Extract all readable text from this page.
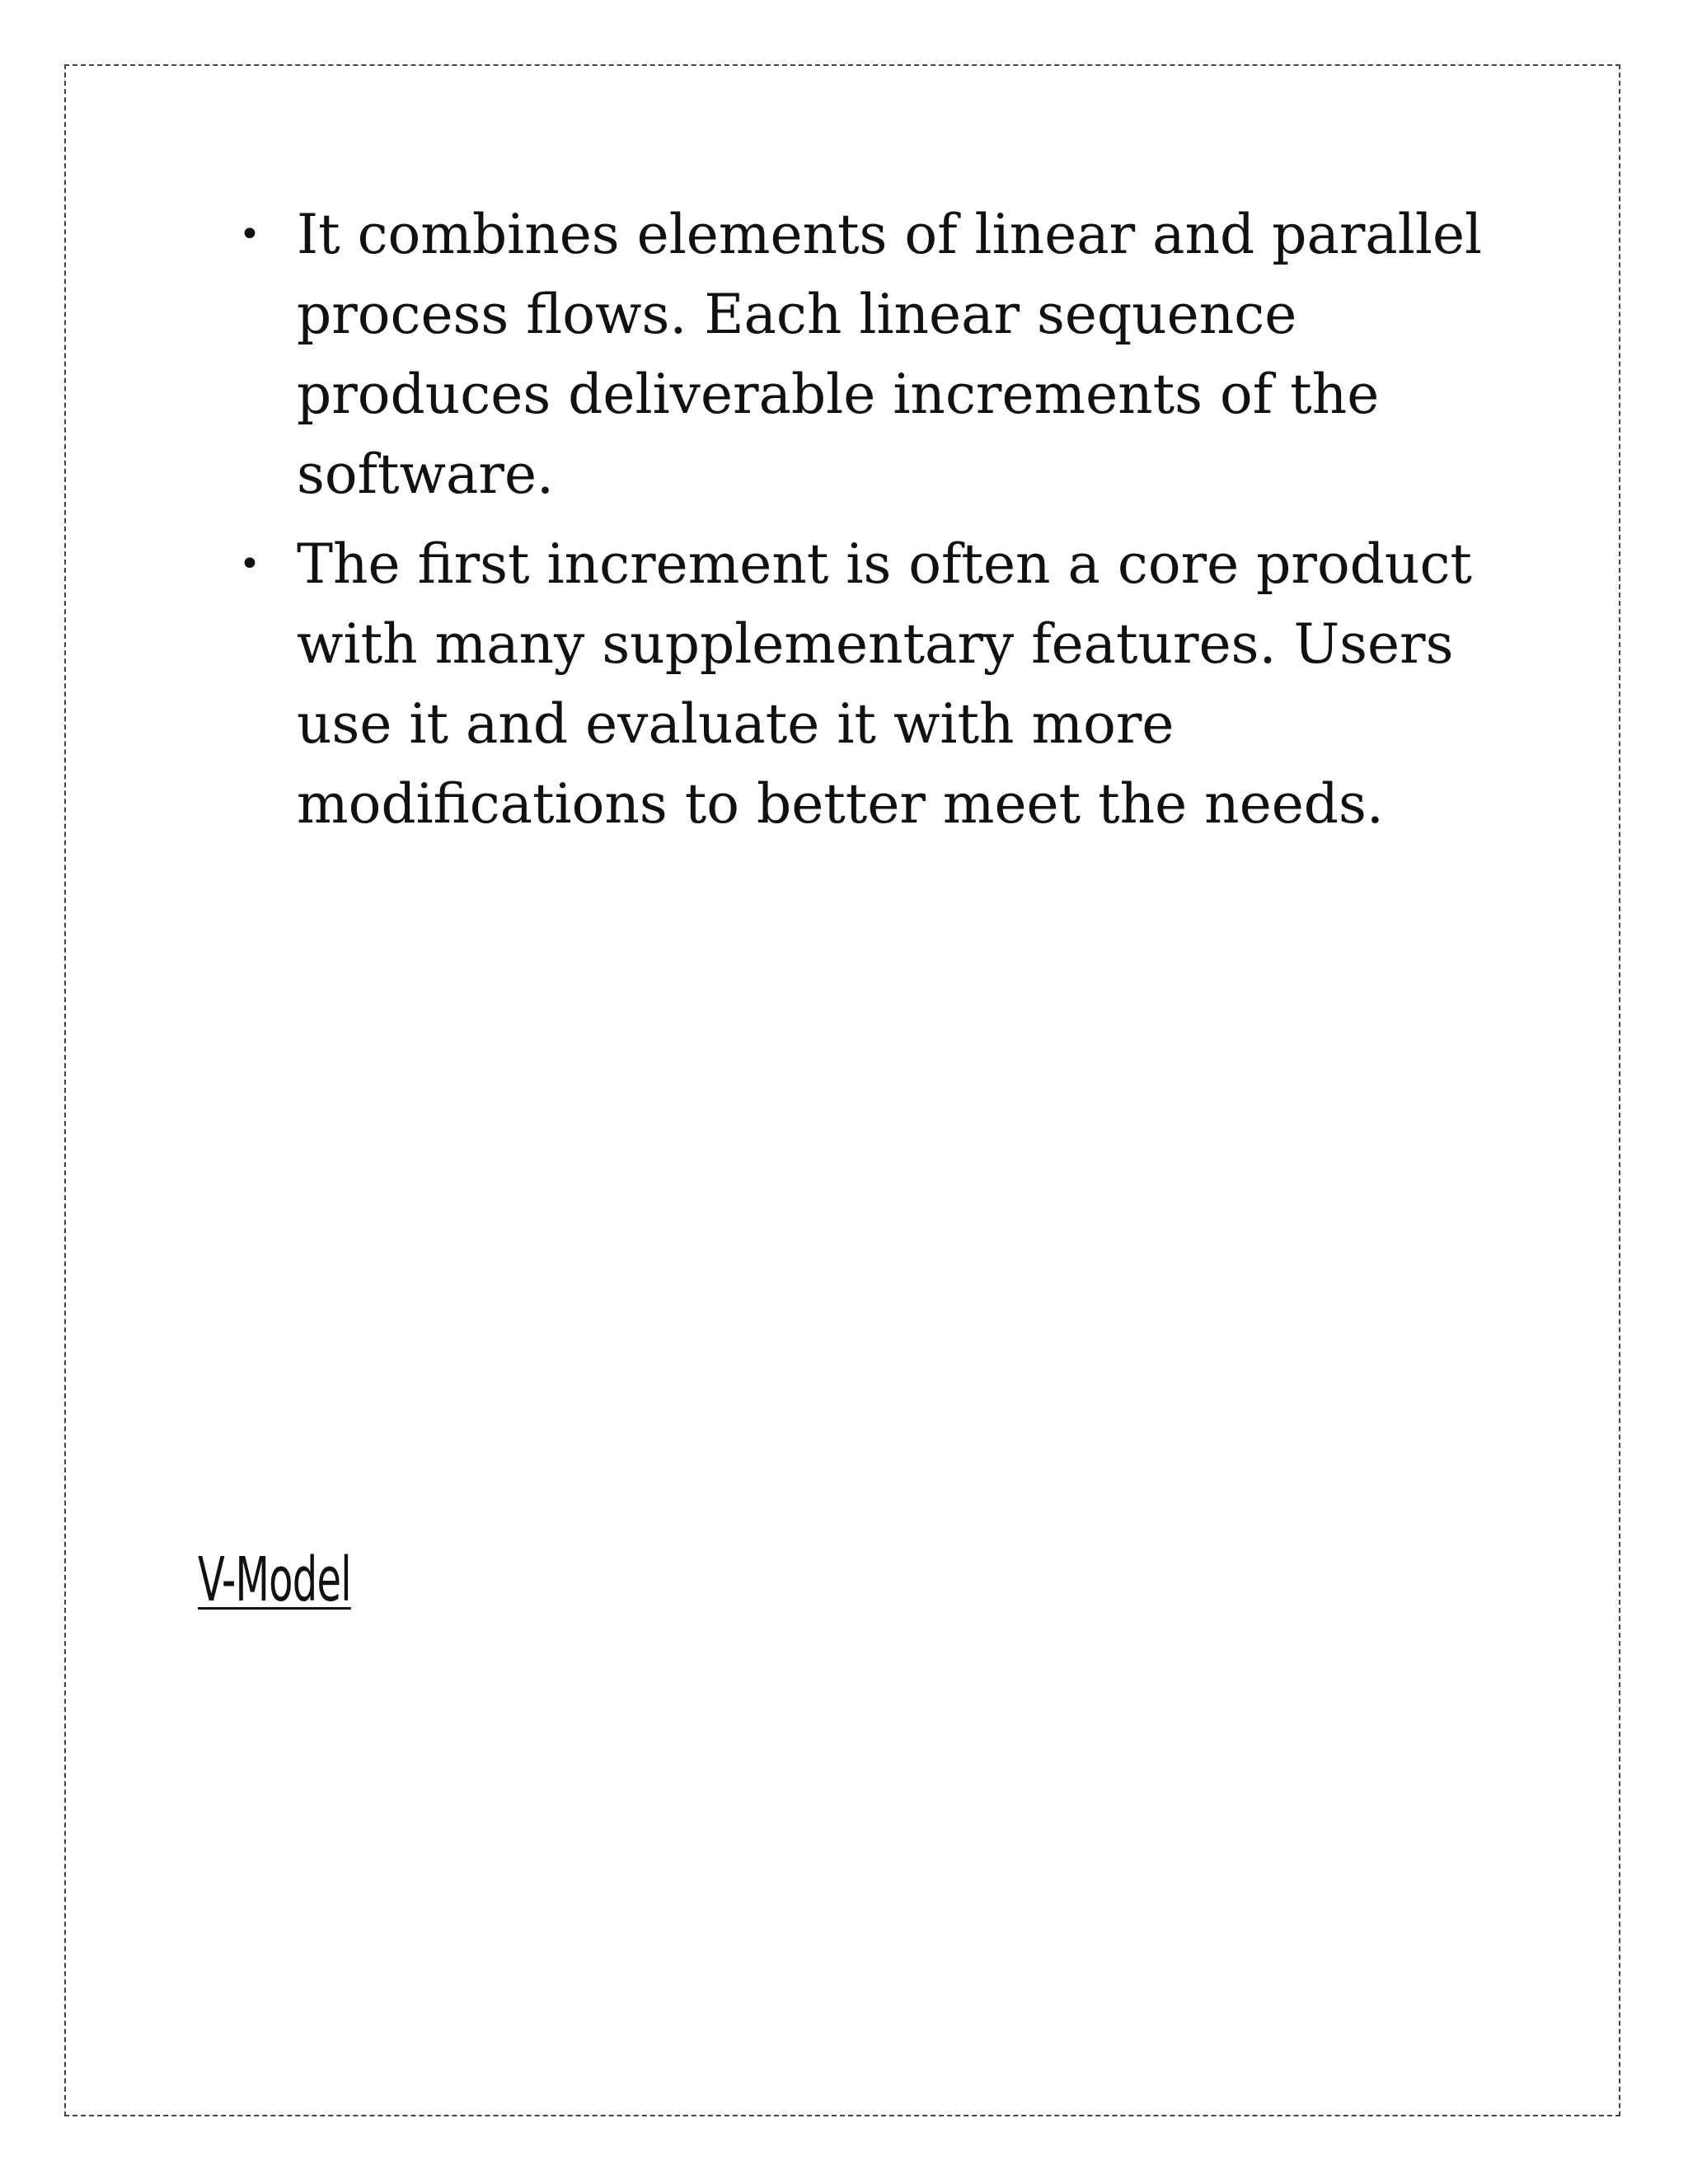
• It combines elements of linear and parallel process flows. Each linear sequence produces deliverable increments of the software.
• The first increment is often a core product with many supplementary features. Users use it and evaluate it with more modifications to better meet the needs.
V-Model
